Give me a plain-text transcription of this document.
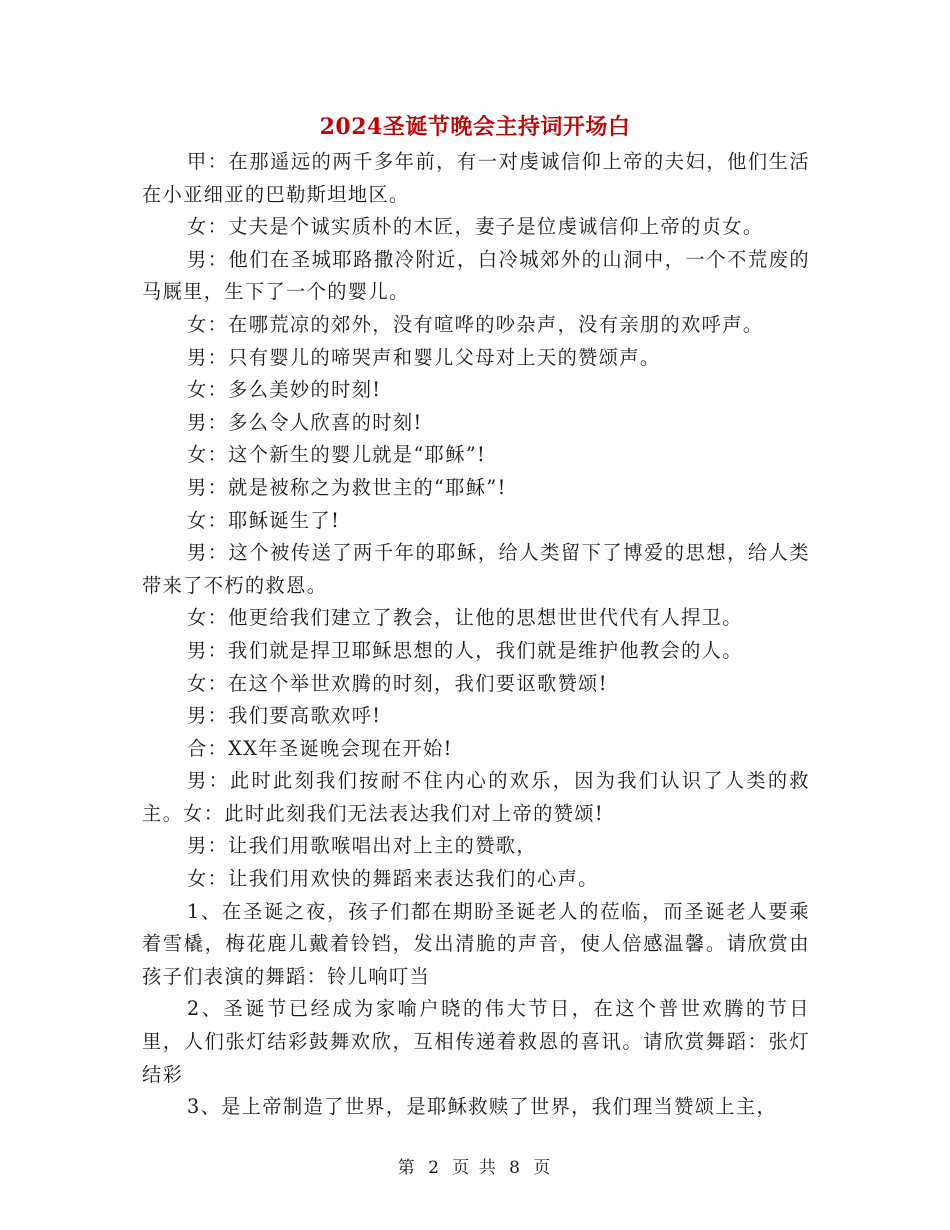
2024圣诞节晚会主持词开场白

甲：在那遥远的两千多年前，有一对虔诚信仰上帝的夫妇，他们生活在小亚细亚的巴勒斯坦地区。

女：丈夫是个诚实质朴的木匠，妻子是位虔诚信仰上帝的贞女。

男：他们在圣城耶路撒冷附近，白冷城郊外的山洞中，一个不荒废的马厩里，生下了一个的婴儿。

女：在哪荒凉的郊外，没有喧哗的吵杂声，没有亲朋的欢呼声。

男：只有婴儿的啼哭声和婴儿父母对上天的赞颂声。

女：多么美妙的时刻!

男：多么令人欣喜的时刻!

女：这个新生的婴儿就是“耶稣”!

男：就是被称之为救世主的“耶稣”!

女：耶稣诞生了!

男：这个被传送了两千年的耶稣，给人类留下了博爱的思想，给人类带来了不朽的救恩。

女：他更给我们建立了教会，让他的思想世世代代有人捍卫。

男：我们就是捍卫耶稣思想的人，我们就是维护他教会的人。

女：在这个举世欢腾的时刻，我们要讴歌赞颂!

男：我们要高歌欢呼!

合：XX年圣诞晚会现在开始!

男：此时此刻我们按耐不住内心的欢乐，因为我们认识了人类的救主。女：此时此刻我们无法表达我们对上帝的赞颂!

男：让我们用歌喉唱出对上主的赞歌，

女：让我们用欢快的舞蹈来表达我们的心声。

1、在圣诞之夜，孩子们都在期盼圣诞老人的莅临，而圣诞老人要乘着雪橇，梅花鹿儿戴着铃铛，发出清脆的声音，使人倍感温馨。请欣赏由孩子们表演的舞蹈：铃儿响叮当

2、圣诞节已经成为家喻户晓的伟大节日，在这个普世欢腾的节日里，人们张灯结彩鼓舞欢欣，互相传递着救恩的喜讯。请欣赏舞蹈：张灯结彩

3、是上帝制造了世界，是耶稣救赎了世界，我们理当赞颂上主，

第 2 页 共 8 页
